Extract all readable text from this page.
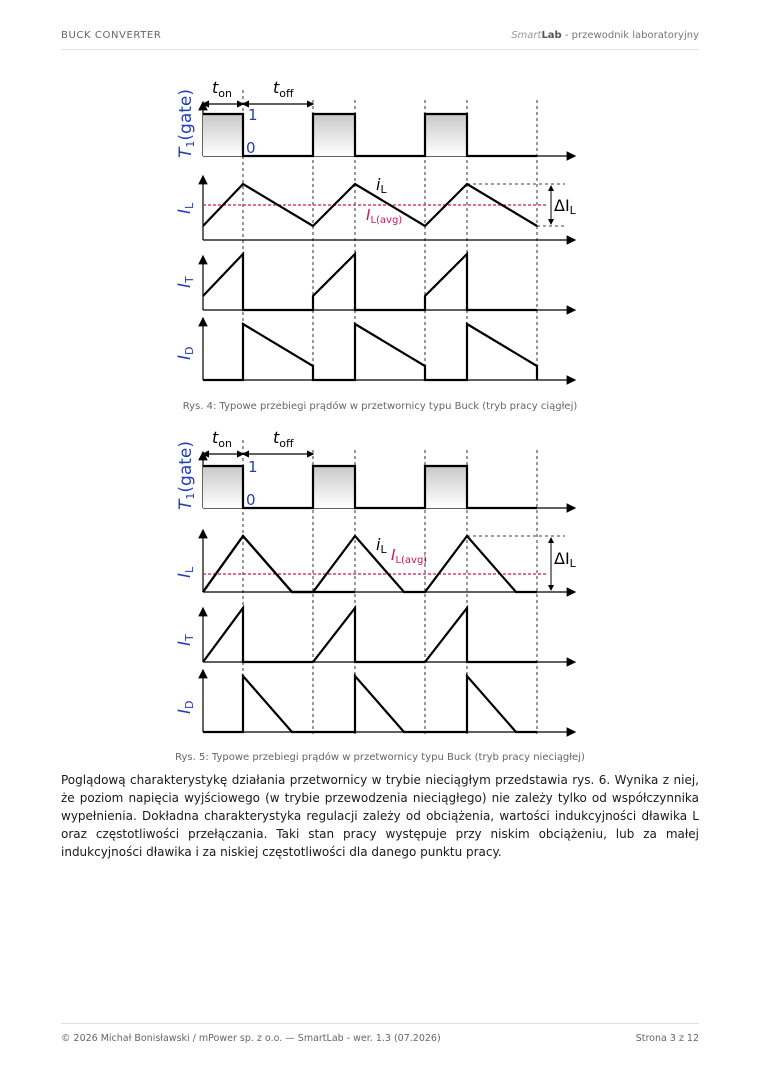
BUCK CONVERTER	SmartLab - przewodnik laboratoryjny
$t_{on}$	$t_{off}$
1
0
T1(gate)
IL
iL
$I_{L(avg)}$
ΔIL
IT
ID
Rys. 4: Typowe przebiegi prądów w przetwornicy typu Buck (tryb pracy ciągłej)
$t_{on}$	$t_{off}$
1
0
T1(gate)
IL
iL $I_{L(avg)}$	ΔIL
IT
ID
Rys. 5: Typowe przebiegi prądów w przetwornicy typu Buck (tryb pracy nieciągłej)

Poglądową charakterystykę działania przetwornicy w trybie nieciągłym przedstawia rys. 6. Wynika z niej, że poziom napięcia wyjściowego (w trybie przewodzenia nieciągłego) nie zależy tylko od współczynnika wypełnienia. Dokładna charakterystyka regulacji zależy od obciążenia, wartości indukcyjności dławika L oraz częstotliwości przełączania. Taki stan pracy występuje przy niskim obciążeniu, lub za małej indukcyjności dławika i za niskiej częstotliwości dla danego punktu pracy.

© 2026 Michał Bonisławski / mPower sp. z o.o. — SmartLab - wer. 1.3 (07.2026)	Strona 3 z 12
